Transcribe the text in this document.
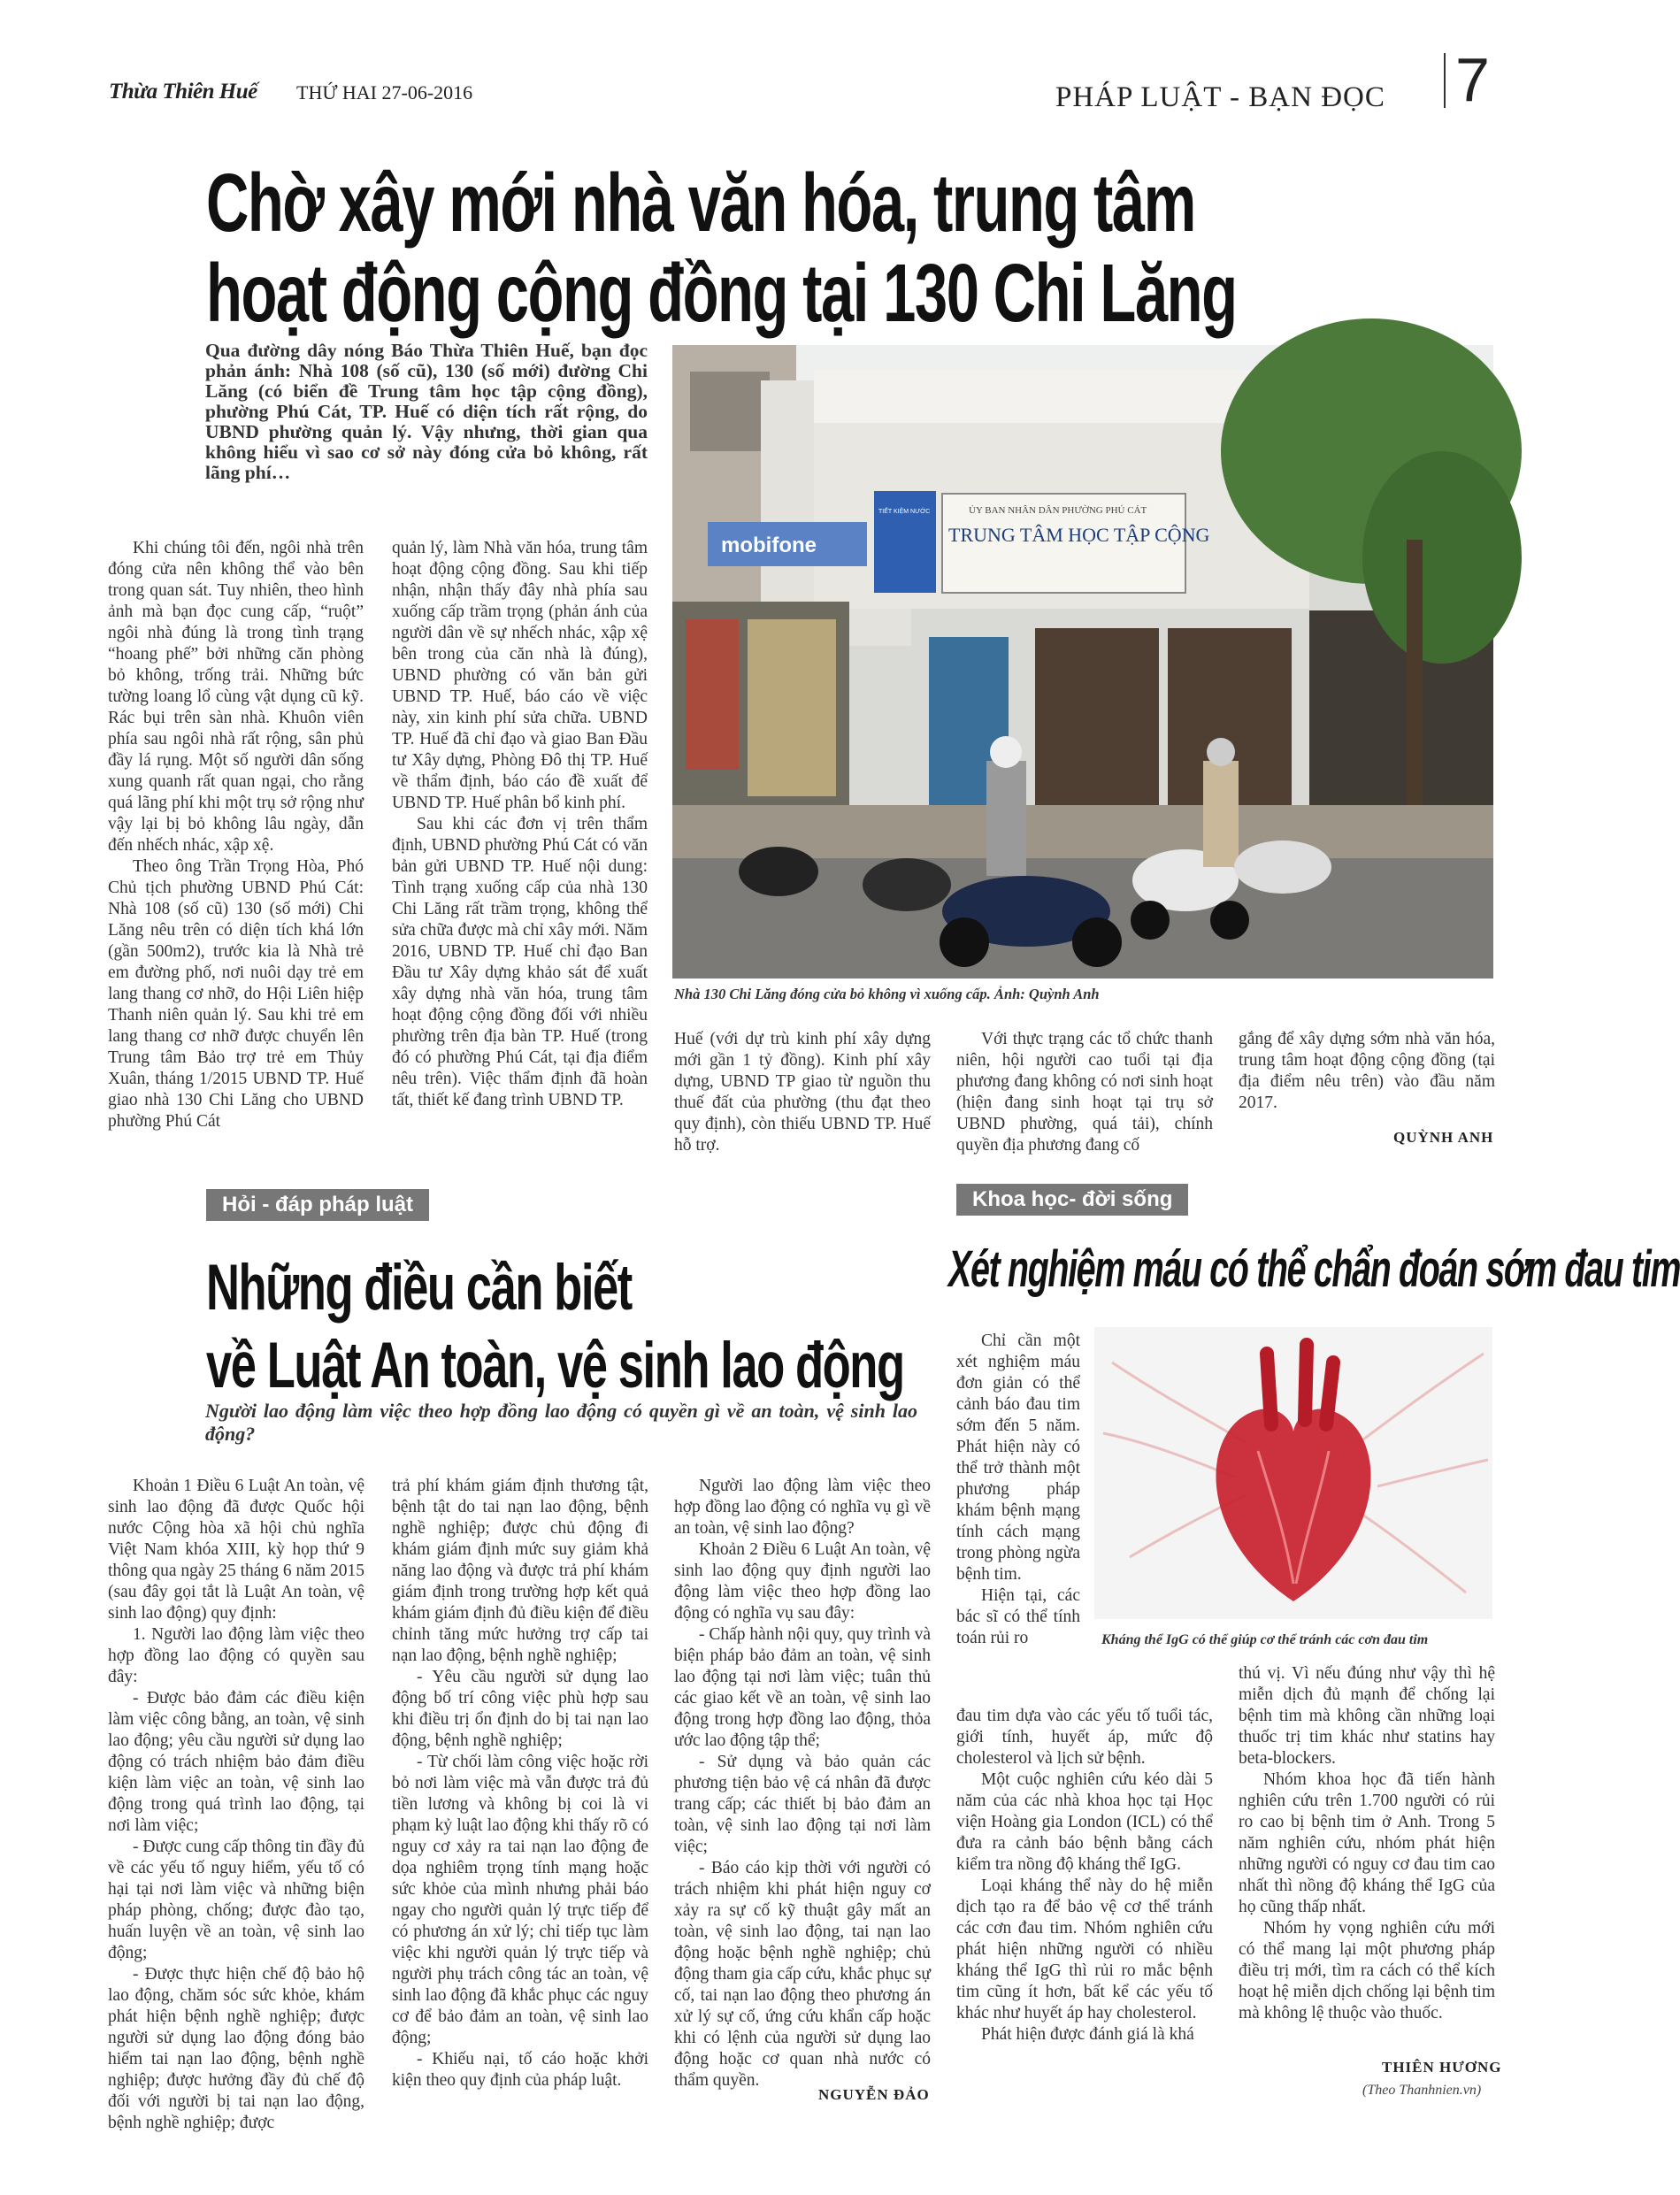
Thừa Thiên Huế THỨ HAI 27-06-2016	PHÁP LUẬT - BẠN ĐỌC 7
Chờ xây mới nhà văn hóa, trung tâm
hoạt động cộng đồng tại 130 Chi Lăng
Qua đường dây nóng Báo Thừa Thiên Huế, bạn đọc phản ánh: Nhà 108 (số cũ), 130 (số mới) đường Chi Lăng (có biển đề Trung tâm học tập cộng đồng), phường Phú Cát, TP. Huế có diện tích rất rộng, do UBND phường quản lý. Vậy nhưng, thời gian qua không hiểu vì sao cơ sở này đóng cửa bỏ không, rất lãng phí…
mobifone
TIẾT KIỆM NƯỚC	ỦY BAN NHÂN DÂN PHƯỜNG PHÚ CÁT
TRUNG TÂM HỌC TẬP CỘNG
Nhà 130 Chi Lăng đóng cửa bỏ không vì xuống cấp. Ảnh: Quỳnh Anh

Khi chúng tôi đến, ngôi nhà trên đóng cửa nên không thể vào bên trong quan sát. Tuy nhiên, theo hình ảnh mà bạn đọc cung cấp, “ruột” ngôi nhà đúng là trong tình trạng “hoang phế” bởi những căn phòng bỏ không, trống trải. Những bức tường loang lổ cùng vật dụng cũ kỹ. Rác bụi trên sàn nhà. Khuôn viên phía sau ngôi nhà rất rộng, sân phủ đầy lá rụng. Một số người dân sống xung quanh rất quan ngại, cho rằng quá lãng phí khi một trụ sở rộng như vậy lại bị bỏ không lâu ngày, dẫn đến nhếch nhác, xập xệ.

Theo ông Trần Trọng Hòa, Phó Chủ tịch phường UBND Phú Cát: Nhà 108 (số cũ) 130 (số mới) Chi Lăng nêu trên có diện tích khá lớn (gần 500m2), trước kia là Nhà trẻ em đường phố, nơi nuôi dạy trẻ em lang thang cơ nhỡ, do Hội Liên hiệp Thanh niên quản lý. Sau khi trẻ em lang thang cơ nhỡ được chuyển lên Trung tâm Bảo trợ trẻ em Thủy Xuân, tháng 1/2015 UBND TP. Huế giao nhà 130 Chi Lăng cho UBND phường Phú Cát

quản lý, làm Nhà văn hóa, trung tâm hoạt động cộng đồng. Sau khi tiếp nhận, nhận thấy đây nhà phía sau xuống cấp trầm trọng (phản ánh của người dân về sự nhếch nhác, xập xệ bên trong của căn nhà là đúng), UBND phường có văn bản gửi UBND TP. Huế, báo cáo về việc này, xin kinh phí sửa chữa. UBND TP. Huế đã chỉ đạo và giao Ban Đầu tư Xây dựng, Phòng Đô thị TP. Huế về thẩm định, báo cáo đề xuất để UBND TP. Huế phân bổ kinh phí.

Sau khi các đơn vị trên thẩm định, UBND phường Phú Cát có văn bản gửi UBND TP. Huế nội dung: Tình trạng xuống cấp của nhà 130 Chi Lăng rất trầm trọng, không thể sửa chữa được mà chỉ xây mới. Năm 2016, UBND TP. Huế chỉ đạo Ban Đầu tư Xây dựng khảo sát để xuất xây dựng nhà văn hóa, trung tâm hoạt động cộng đồng đối với nhiều phường trên địa bàn TP. Huế (trong đó có phường Phú Cát, tại địa điểm nêu trên). Việc thẩm định đã hoàn tất, thiết kế đang trình UBND TP.

Huế (với dự trù kinh phí xây dựng mới gần 1 tỷ đồng). Kinh phí xây dựng, UBND TP giao từ nguồn thu thuế đất của phường (thu đạt theo quy định), còn thiếu UBND TP. Huế hỗ trợ.

Với thực trạng các tổ chức thanh niên, hội người cao tuổi tại địa phương đang không có nơi sinh hoạt (hiện đang sinh hoạt tại trụ sở UBND phường, quá tải), chính quyền địa phương đang cố

gắng để xây dựng sớm nhà văn hóa, trung tâm hoạt động cộng đồng (tại địa điểm nêu trên) vào đầu năm 2017.

QUỲNH ANH
Hỏi - đáp pháp luật
Những điều cần biết
về Luật An toàn, vệ sinh lao động
Người lao động làm việc theo hợp đồng lao động có quyền gì về an toàn, vệ sinh lao động?

Khoản 1 Điều 6 Luật An toàn, vệ sinh lao động đã được Quốc hội nước Cộng hòa xã hội chủ nghĩa Việt Nam khóa XIII, kỳ họp thứ 9 thông qua ngày 25 tháng 6 năm 2015 (sau đây gọi tắt là Luật An toàn, vệ sinh lao động) quy định:

1. Người lao động làm việc theo hợp đồng lao động có quyền sau đây:

- Được bảo đảm các điều kiện làm việc công bằng, an toàn, vệ sinh lao động; yêu cầu người sử dụng lao động có trách nhiệm bảo đảm điều kiện làm việc an toàn, vệ sinh lao động trong quá trình lao động, tại nơi làm việc;

- Được cung cấp thông tin đầy đủ về các yếu tố nguy hiểm, yếu tố có hại tại nơi làm việc và những biện pháp phòng, chống; được đào tạo, huấn luyện về an toàn, vệ sinh lao động;

- Được thực hiện chế độ bảo hộ lao động, chăm sóc sức khỏe, khám phát hiện bệnh nghề nghiệp; được người sử dụng lao động đóng bảo hiểm tai nạn lao động, bệnh nghề nghiệp; được hưởng đầy đủ chế độ đối với người bị tai nạn lao động, bệnh nghề nghiệp; được

trả phí khám giám định thương tật, bệnh tật do tai nạn lao động, bệnh nghề nghiệp; được chủ động đi khám giám định mức suy giảm khả năng lao động và được trả phí khám giám định trong trường hợp kết quả khám giám định đủ điều kiện để điều chỉnh tăng mức hưởng trợ cấp tai nạn lao động, bệnh nghề nghiệp;

- Yêu cầu người sử dụng lao động bố trí công việc phù hợp sau khi điều trị ổn định do bị tai nạn lao động, bệnh nghề nghiệp;

- Từ chối làm công việc hoặc rời bỏ nơi làm việc mà vẫn được trả đủ tiền lương và không bị coi là vi phạm kỷ luật lao động khi thấy rõ có nguy cơ xảy ra tai nạn lao động đe dọa nghiêm trọng tính mạng hoặc sức khỏe của mình nhưng phải báo ngay cho người quản lý trực tiếp để có phương án xử lý; chỉ tiếp tục làm việc khi người quản lý trực tiếp và người phụ trách công tác an toàn, vệ sinh lao động đã khắc phục các nguy cơ để bảo đảm an toàn, vệ sinh lao động;

- Khiếu nại, tố cáo hoặc khởi kiện theo quy định của pháp luật.

Người lao động làm việc theo hợp đồng lao động có nghĩa vụ gì về an toàn, vệ sinh lao động?

Khoản 2 Điều 6 Luật An toàn, vệ sinh lao động quy định người lao động làm việc theo hợp đồng lao động có nghĩa vụ sau đây:

- Chấp hành nội quy, quy trình và biện pháp bảo đảm an toàn, vệ sinh lao động tại nơi làm việc; tuân thủ các giao kết về an toàn, vệ sinh lao động trong hợp đồng lao động, thỏa ước lao động tập thể;

- Sử dụng và bảo quản các phương tiện bảo vệ cá nhân đã được trang cấp; các thiết bị bảo đảm an toàn, vệ sinh lao động tại nơi làm việc;

- Báo cáo kịp thời với người có trách nhiệm khi phát hiện nguy cơ xảy ra sự cố kỹ thuật gây mất an toàn, vệ sinh lao động, tai nạn lao động hoặc bệnh nghề nghiệp; chủ động tham gia cấp cứu, khắc phục sự cố, tai nạn lao động theo phương án xử lý sự cố, ứng cứu khẩn cấp hoặc khi có lệnh của người sử dụng lao động hoặc cơ quan nhà nước có thẩm quyền.

NGUYỄN ĐẢO
Khoa học- đời sống
Xét nghiệm máu có thể chẩn đoán sớm đau tim
Kháng thể IgG có thể giúp cơ thể tránh các cơn đau tim

Chỉ cần một xét nghiệm máu đơn giản có thể cảnh báo đau tim sớm đến 5 năm. Phát hiện này có thể trở thành một phương pháp khám bệnh mạng tính cách mạng trong phòng ngừa bệnh tim.

Hiện tại, các bác sĩ có thể tính toán rủi ro

đau tim dựa vào các yếu tố tuổi tác, giới tính, huyết áp, mức độ cholesterol và lịch sử bệnh.

Một cuộc nghiên cứu kéo dài 5 năm của các nhà khoa học tại Học viện Hoàng gia London (ICL) có thể đưa ra cảnh báo bệnh bằng cách kiểm tra nồng độ kháng thể IgG.

Loại kháng thể này do hệ miễn dịch tạo ra để bảo vệ cơ thể tránh các cơn đau tim. Nhóm nghiên cứu phát hiện những người có nhiều kháng thể IgG thì rủi ro mắc bệnh tim cũng ít hơn, bất kể các yếu tố khác như huyết áp hay cholesterol.

Phát hiện được đánh giá là khá

thú vị. Vì nếu đúng như vậy thì hệ miễn dịch đủ mạnh để chống lại bệnh tim mà không cần những loại thuốc trị tim khác như statins hay beta-blockers.

Nhóm khoa học đã tiến hành nghiên cứu trên 1.700 người có rủi ro cao bị bệnh tim ở Anh. Trong 5 năm nghiên cứu, nhóm phát hiện những người có nguy cơ đau tim cao nhất thì nồng độ kháng thể IgG của họ cũng thấp nhất.

Nhóm hy vọng nghiên cứu mới có thể mang lại một phương pháp điều trị mới, tìm ra cách có thể kích hoạt hệ miễn dịch chống lại bệnh tim mà không lệ thuộc vào thuốc.

THIÊN HƯƠNG
(Theo Thanhnien.vn)
